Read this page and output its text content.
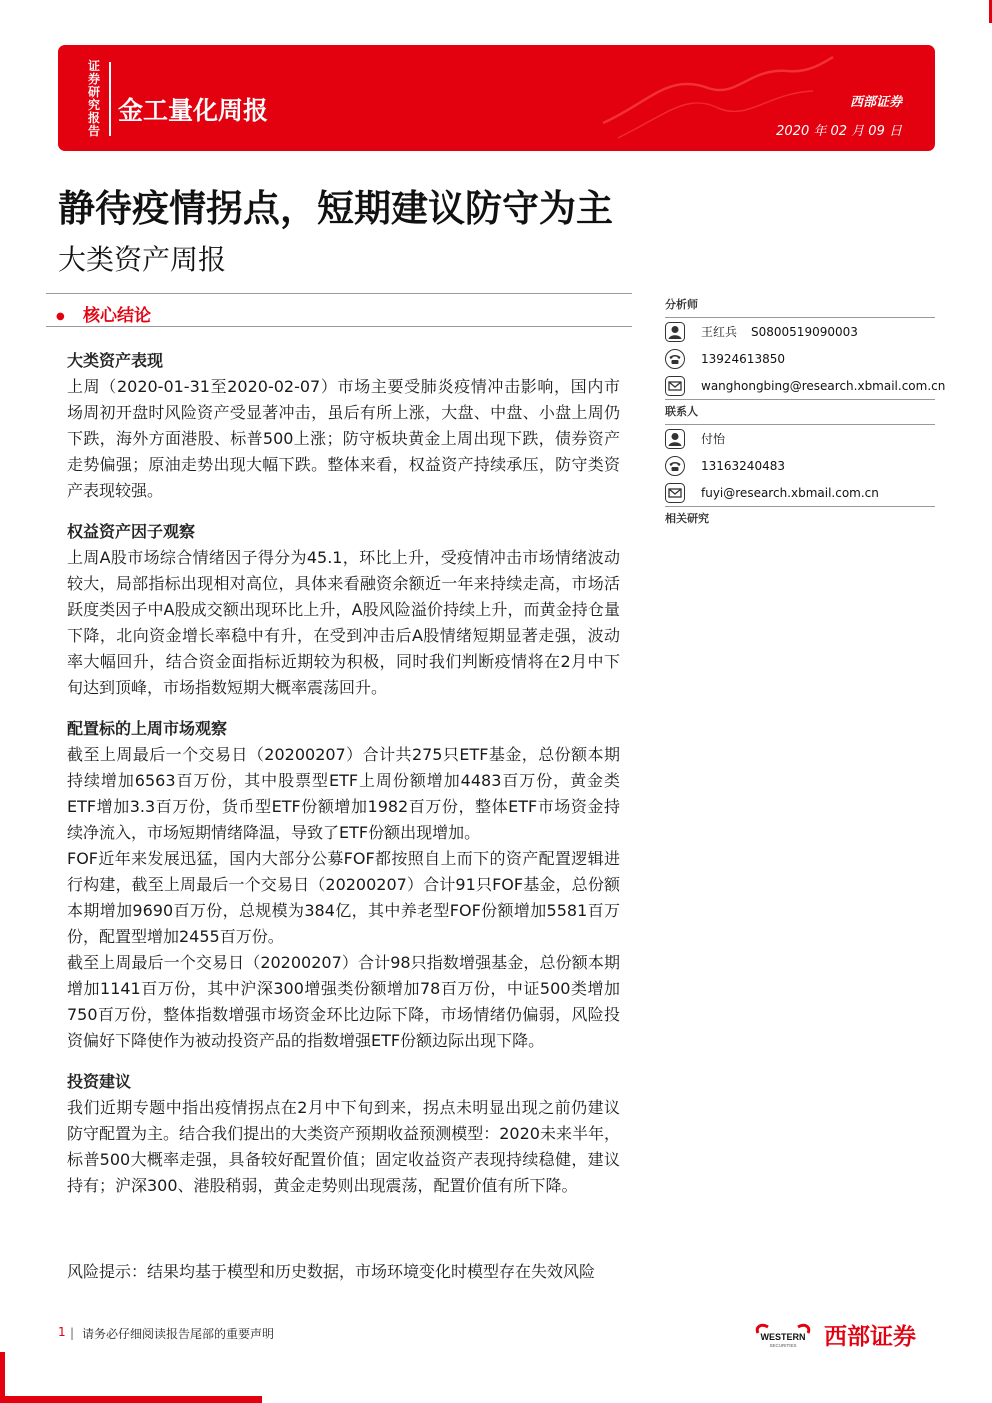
证券研究报告
金工量化周报	西部证券
2020 年 02 月 09 日
静待疫情拐点，短期建议防守为主
大类资产周报
● 核心结论
大类资产表现

上周（2020-01-31至2020-02-07）市场主要受肺炎疫情冲击影响，国内市场周初开盘时风险资产受显著冲击，虽后有所上涨，大盘、中盘、小盘上周仍下跌，海外方面港股、标普500上涨；防守板块黄金上周出现下跌，债券资产走势偏强；原油走势出现大幅下跌。整体来看，权益资产持续承压，防守类资产表现较强。

权益资产因子观察

上周A股市场综合情绪因子得分为45.1，环比上升，受疫情冲击市场情绪波动较大，局部指标出现相对高位，具体来看融资余额近一年来持续走高，市场活跃度类因子中A股成交额出现环比上升，A股风险溢价持续上升，而黄金持仓量下降，北向资金增长率稳中有升，在受到冲击后A股情绪短期显著走强，波动率大幅回升，结合资金面指标近期较为积极，同时我们判断疫情将在2月中下旬达到顶峰，市场指数短期大概率震荡回升。

配置标的上周市场观察

截至上周最后一个交易日（20200207）合计共275只ETF基金，总份额本期持续增加6563百万份，其中股票型ETF上周份额增加4483百万份，黄金类ETF增加3.3百万份，货币型ETF份额增加1982百万份，整体ETF市场资金持续净流入，市场短期情绪降温，导致了ETF份额出现增加。

FOF近年来发展迅猛，国内大部分公募FOF都按照自上而下的资产配置逻辑进行构建，截至上周最后一个交易日（20200207）合计91只FOF基金，总份额本期增加9690百万份，总规模为384亿，其中养老型FOF份额增加5581百万份，配置型增加2455百万份。

截至上周最后一个交易日（20200207）合计98只指数增强基金，总份额本期增加1141百万份，其中沪深300增强类份额增加78百万份，中证500类增加750百万份，整体指数增强市场资金环比边际下降，市场情绪仍偏弱，风险投资偏好下降使作为被动投资产品的指数增强ETF份额边际出现下降。

投资建议

我们近期专题中指出疫情拐点在2月中下旬到来，拐点未明显出现之前仍建议防守配置为主。结合我们提出的大类资产预期收益预测模型：2020未来半年，标普500大概率走强，具备较好配置价值；固定收益资产表现持续稳健，建议持有；沪深300、港股稍弱，黄金走势则出现震荡，配置价值有所下降。

风险提示：结果均基于模型和历史数据，市场环境变化时模型存在失效风险
分析师
王红兵 S0800519090003
13924613850
wanghongbing@research.xbmail.com.cn
联系人
付怡
13163240483
fuyi@research.xbmail.com.cn
相关研究
1 | 请务必仔细阅读报告尾部的重要声明	WESTERN
SECURITIES 西部证券
